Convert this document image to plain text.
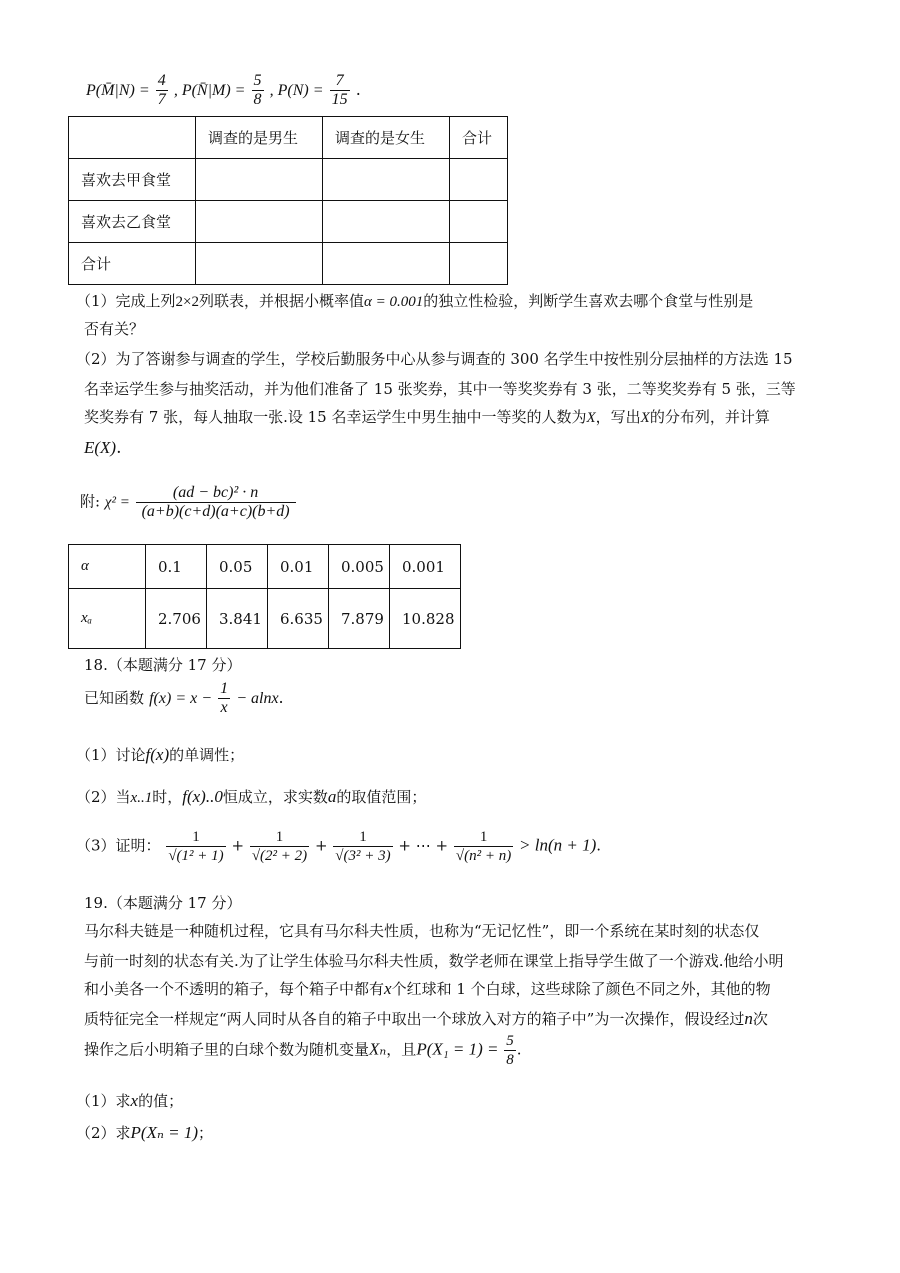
P(M̄|N) = $\frac{4}{7}$ , P(N̄|M) = $\frac{5}{8}$ , $P(N) = \frac{7}{15}$ .
	调查的是男生	调查的是女生	合计
喜欢去甲食堂			
喜欢去乙食堂			
合计			

（1）完成上列2×2列联表，并根据小概率值α = 0.001的独立性检验，判断学生喜欢去哪个食堂与性别是

否有关？

（2）为了答谢参与调查的学生，学校后勤服务中心从参与调查的 300 名学生中按性别分层抽样的方法选 15

名幸运学生参与抽奖活动，并为他们准备了 15 张奖券，其中一等奖奖券有 3 张，二等奖奖券有 5 张，三等

奖奖券有 7 张，每人抽取一张.设 15 名幸运学生中男生抽中一等奖的人数为X，写出X的分布列，并计算

E(X).

附: $\chi^2 = \frac{\text{(ad − bc)² · n}}{(a+b)(c+d)(a+c)(b+d)}$
α	0.1	0.05	0.01	0.005	0.001
xₐ	2.706	3.841	6.635	7.879	10.828

18.（本题满分 17 分）

已知函数 $f(x) = x - \frac{1}{x} - alnx$.

（1）讨论f(x)的单调性；

（2）当x..1时，f(x)..0恒成立，求实数a的取值范围；

（3）证明： $\frac{1}{\text{√(1² + 1)}} + \frac{1}{\text{√(2² + 2)}} + \frac{1}{\text{√(3² + 3)}}$ + ⋯ + $\frac{1}{\text{√(n² + n)}} > \ln(n + 1)$.

19.（本题满分 17 分）

马尔科夫链是一种随机过程，它具有马尔科夫性质，也称为“无记忆性”，即一个系统在某时刻的状态仅

与前一时刻的状态有关.为了让学生体验马尔科夫性质，数学老师在课堂上指导学生做了一个游戏.他给小明

和小美各一个不透明的箱子，每个箱子中都有x个红球和 1 个白球，这些球除了颜色不同之外，其他的物

质特征完全一样规定“两人同时从各自的箱子中取出一个球放入对方的箱子中”为一次操作，假设经过n次

操作之后小明箱子里的白球个数为随机变量Xₙ，且$P(X_1 = 1) = \frac{5}{8}$ .

（1）求x的值；

（2）求P(Xₙ = 1)；
